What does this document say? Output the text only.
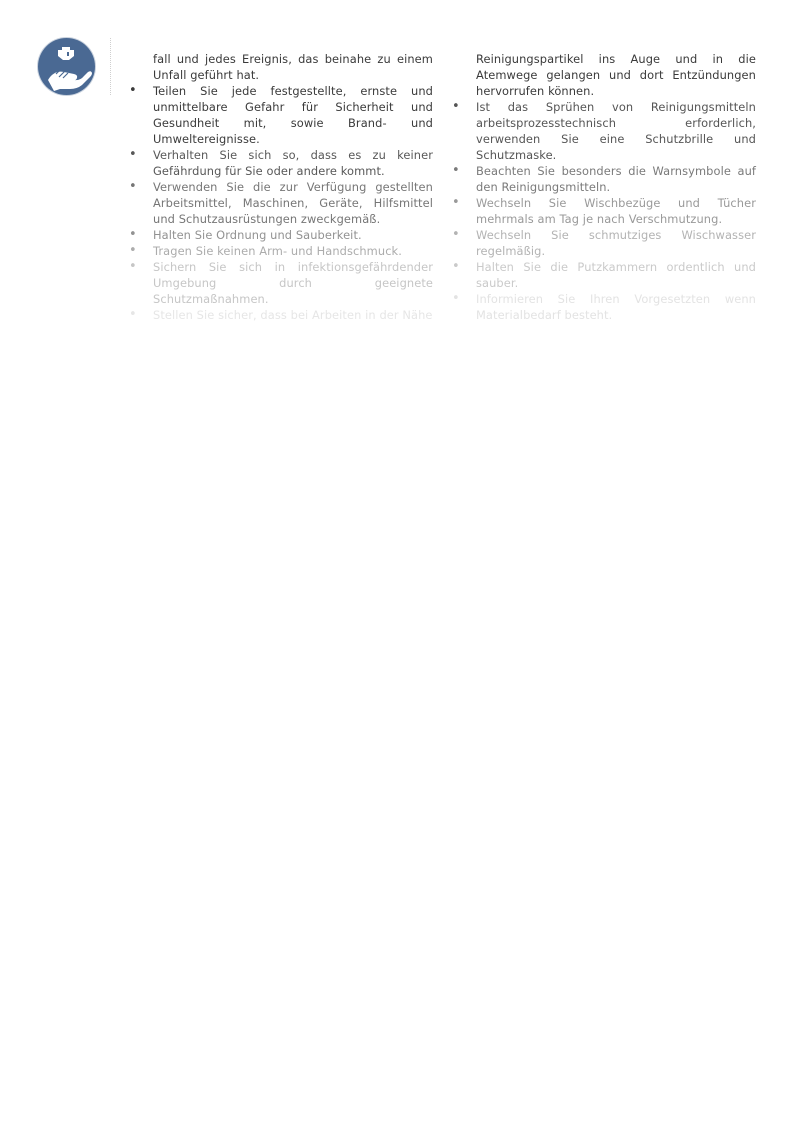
fall und jedes Ereignis, das beinahe zu einem Unfall geführt hat.

• Teilen Sie jede festgestellte, ernste und unmittelbare Gefahr für Sicherheit und Gesundheit mit, sowie Brand- und Umweltereignisse.
• Verhalten Sie sich so, dass es zu keiner Gefährdung für Sie oder andere kommt.
• Verwenden Sie die zur Verfügung gestellten Arbeitsmittel, Maschinen, Geräte, Hilfsmittel und Schutzausrüstungen zweckgemäß.
• Halten Sie Ordnung und Sauberkeit.
• Tragen Sie keinen Arm- und Handschmuck.
• Sichern Sie sich in infektionsgefährdender Umgebung durch geeignete Schutzmaßnahmen.
• Stellen Sie sicher, dass bei Arbeiten in der Nähe

Reinigungspartikel ins Auge und in die Atemwege gelangen und dort Entzündungen hervorrufen können.

• Ist das Sprühen von Reinigungsmitteln arbeitsprozesstechnisch erforderlich, verwenden Sie eine Schutzbrille und Schutzmaske.
• Beachten Sie besonders die Warnsymbole auf den Reinigungsmitteln.
• Wechseln Sie Wischbezüge und Tücher mehrmals am Tag je nach Verschmutzung.
• Wechseln Sie schmutziges Wischwasser regelmäßig.
• Halten Sie die Putzkammern ordentlich und sauber.
• Informieren Sie Ihren Vorgesetzten wenn Materialbedarf besteht.
